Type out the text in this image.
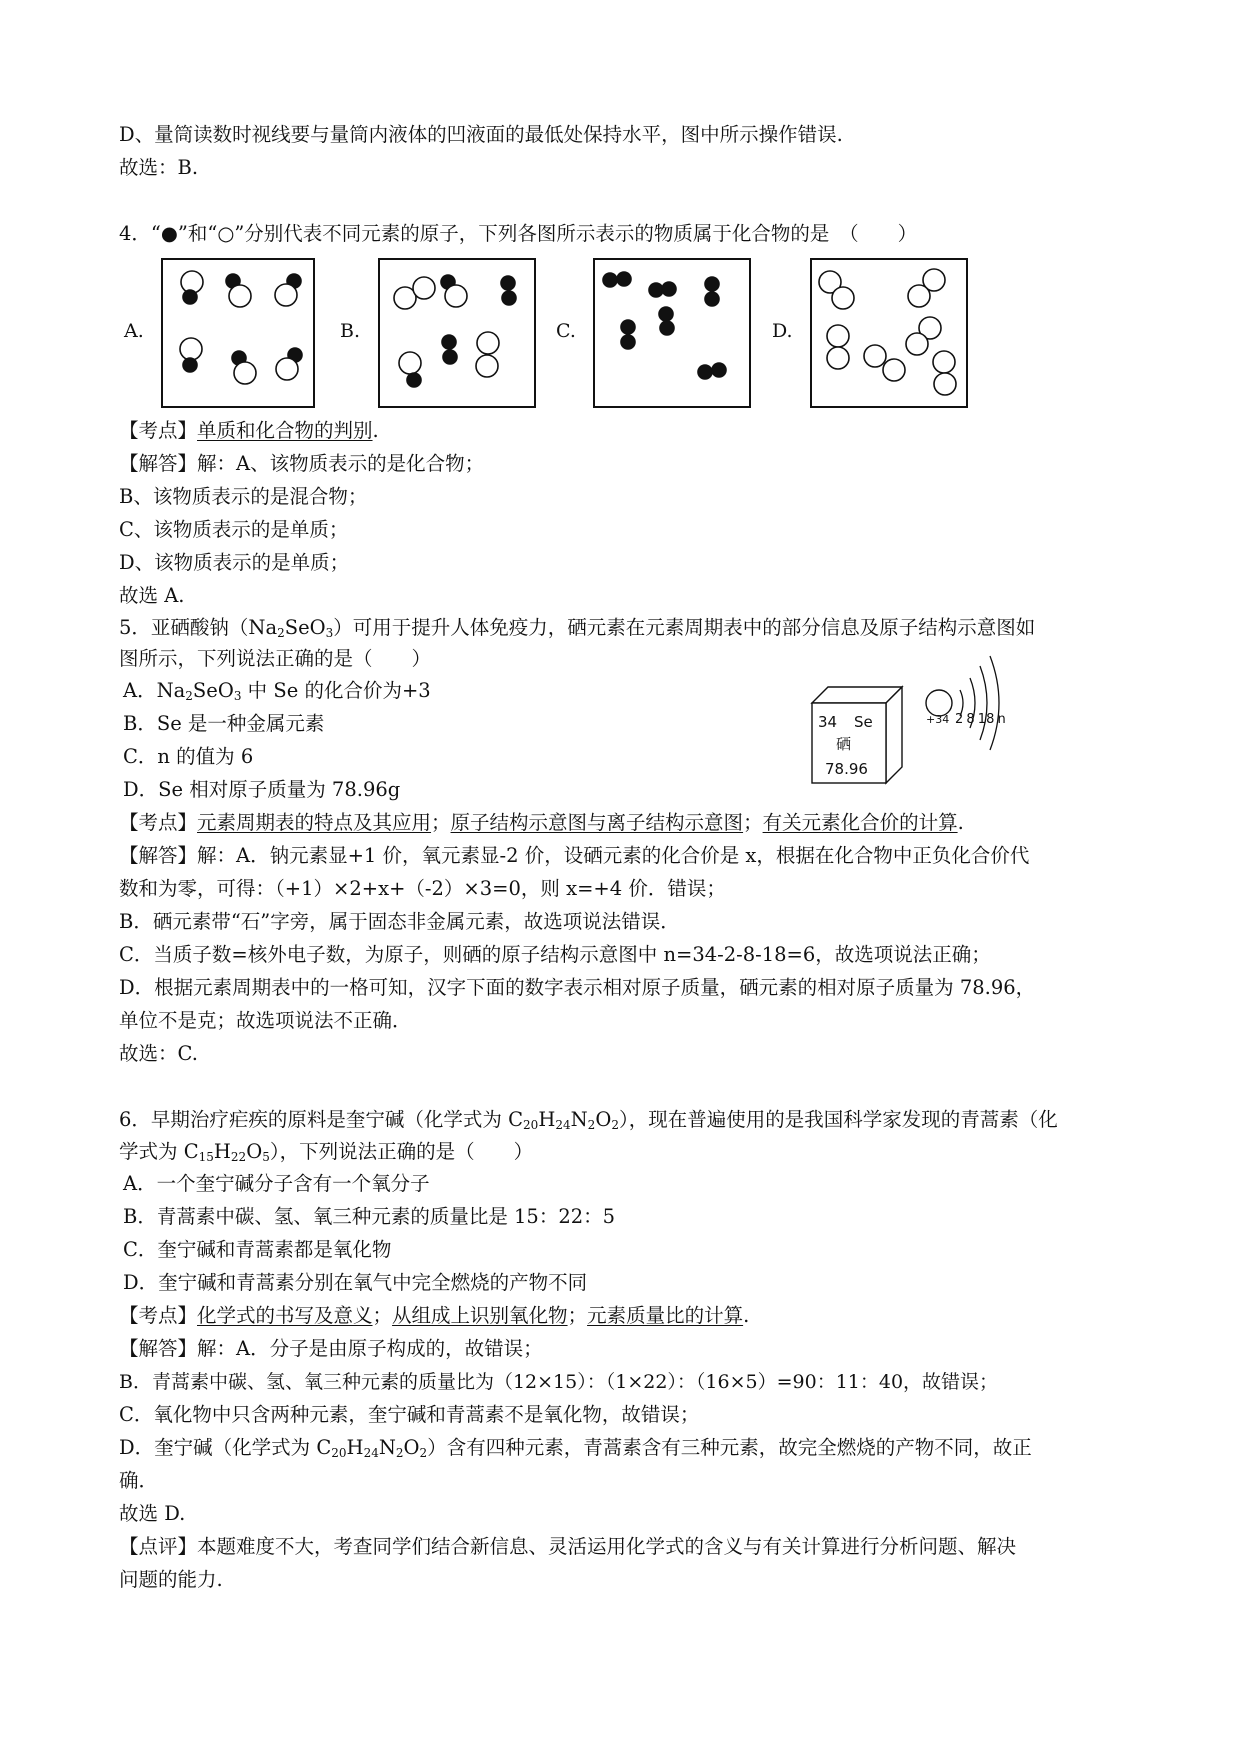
D、量筒读数时视线要与量筒内液体的凹液面的最低处保持水平，图中所示操作错误.
故选：B.
4．“●”和“○”分别代表不同元素的原子，下列各图所示表示的物质属于化合物的是　（　　）
A.	B.	C.	D.
【考点】单质和化合物的判别.
【解答】解：A、该物质表示的是化合物；
B、该物质表示的是混合物；
C、该物质表示的是单质；
D、该物质表示的是单质；
故选 A.
5．亚硒酸钠$(Na_2SeO_3)$可用于提升人体免疫力，硒元素在元素周期表中的部分信息及原子结构示意图如
图所示，下列说法正确的是（　　）
A．$Na_2SeO_3$ 中 Se 的化合价为+3
B．Se 是一种金属元素
C．n 的值为 6
D．Se 相对原子质量为 78.96g
34 Se
硒
78.96
+34 2 8 18 n
【考点】元素周期表的特点及其应用；原子结构示意图与离子结构示意图；有关元素化合价的计算.
【解答】解：A．钠元素显+1 价，氧元素显-2 价，设硒元素的化合价是 x，根据在化合物中正负化合价代
数和为零，可得：（+1）×2+x+（-2）×3=0，则 x=+4 价．错误；
B．硒元素带“石”字旁，属于固态非金属元素，故选项说法错误．
C．当质子数=核外电子数，为原子，则硒的原子结构示意图中 n=34-2-8-18=6，故选项说法正确；
D．根据元素周期表中的一格可知，汉字下面的数字表示相对原子质量，硒元素的相对原子质量为 78.96，
单位不是克；故选项说法不正确．
故选：C.
6．早期治疗疟疾的原料是奎宁碱（化学式为 $C_{20}H_{24}N_2O_2$），现在普遍使用的是我国科学家发现的青蒿素（化
学式为 $C_{15}H_{22}O_5$），下列说法正确的是（　　）
A．一个奎宁碱分子含有一个氧分子
B．青蒿素中碳、氢、氧三种元素的质量比是 15：22：5
C．奎宁碱和青蒿素都是氧化物
D．奎宁碱和青蒿素分别在氧气中完全燃烧的产物不同
【考点】化学式的书写及意义；从组成上识别氧化物；元素质量比的计算.
【解答】解：A．分子是由原子构成的，故错误；
B．青蒿素中碳、氢、氧三种元素的质量比为（12×15）：（1×22）：（16×5）=90：11：40，故错误；
C．氧化物中只含两种元素，奎宁碱和青蒿素不是氧化物，故错误；
D．奎宁碱（化学式为 $C_{20}H_{24}N_2O_2$）含有四种元素，青蒿素含有三种元素，故完全燃烧的产物不同，故正
确．
故选 D.
【点评】本题难度不大，考查同学们结合新信息、灵活运用化学式的含义与有关计算进行分析问题、解决
问题的能力.
